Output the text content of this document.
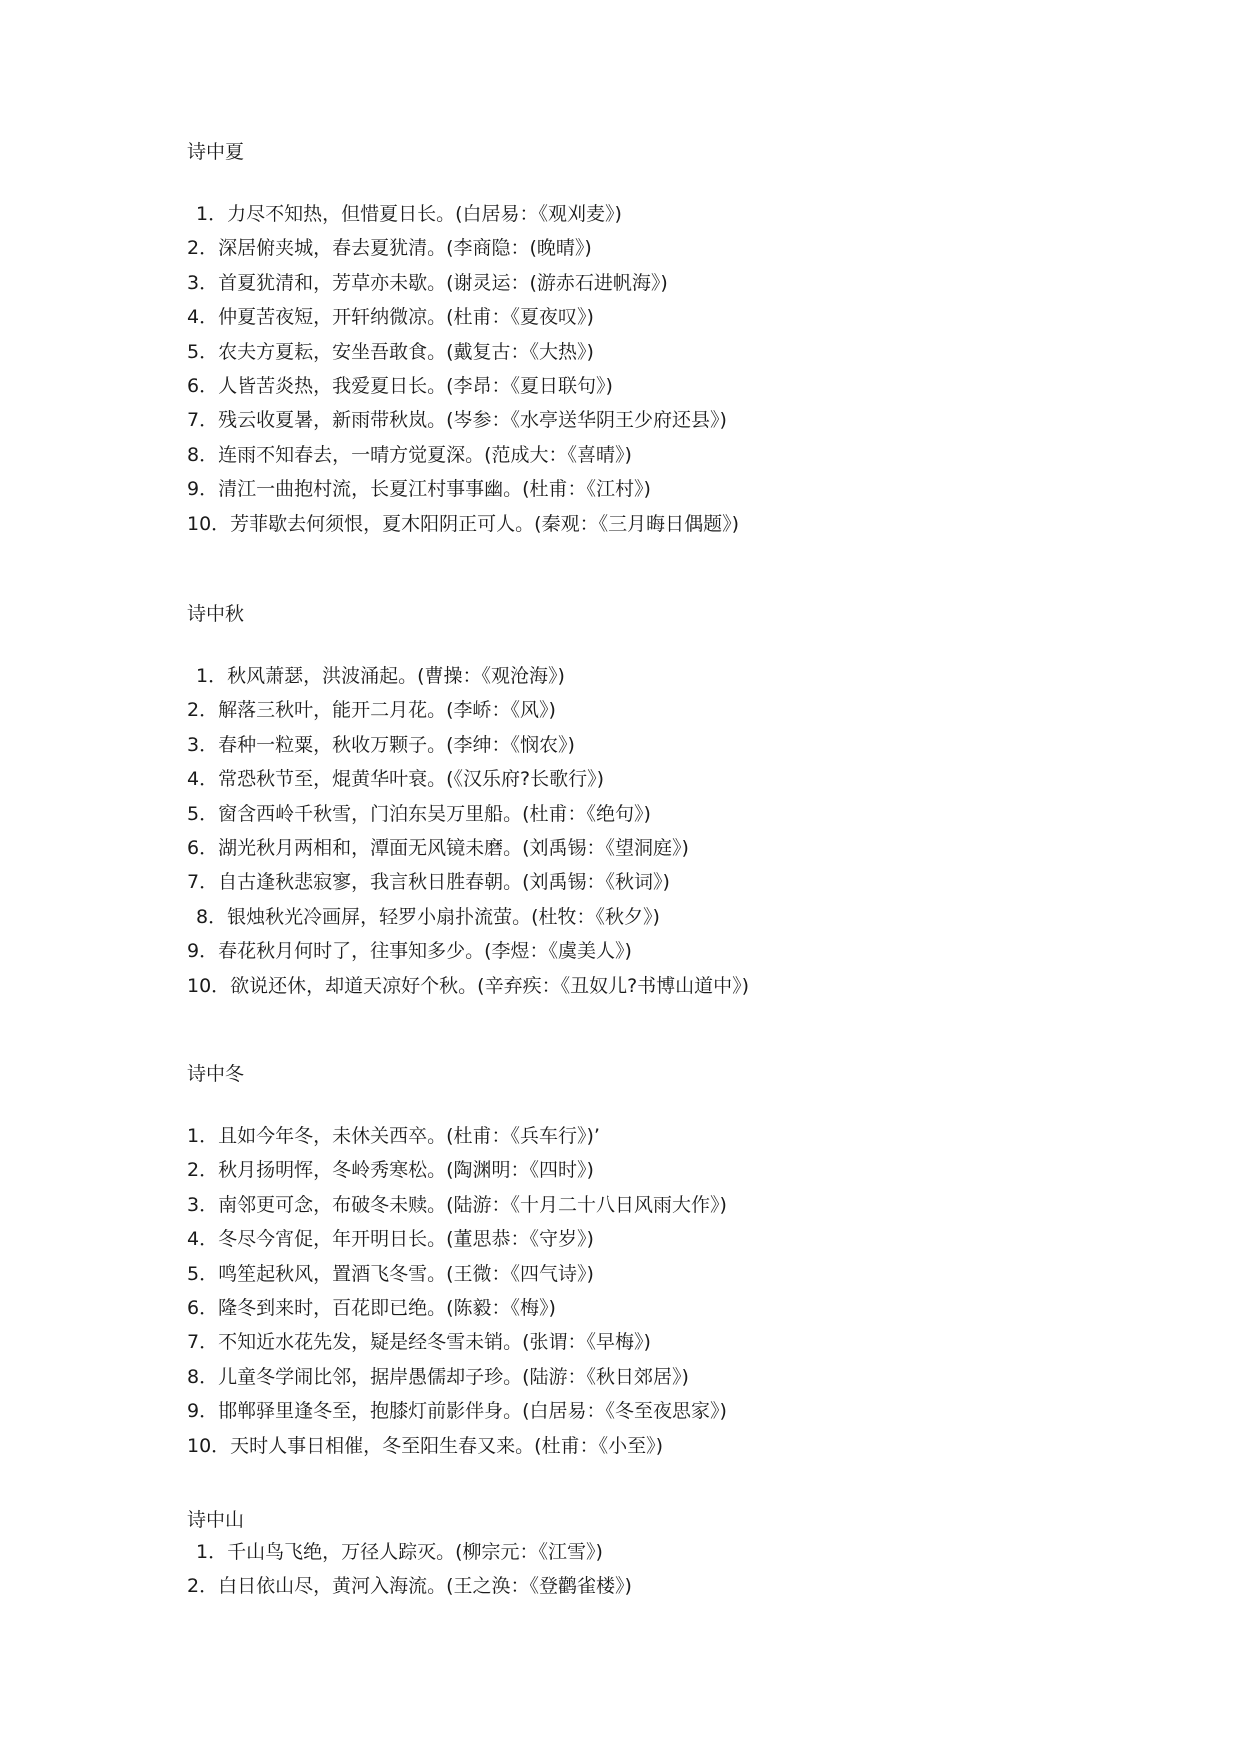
诗中夏
1．力尽不知热，但惜夏日长。(白居易：《观刈麦》)
2．深居俯夹城，春去夏犹清。(李商隐：(晚晴》)
3．首夏犹清和，芳草亦未歇。(谢灵运：(游赤石进帆海》)
4．仲夏苦夜短，开轩纳微凉。(杜甫：《夏夜叹》)
5．农夫方夏耘，安坐吾敢食。(戴复古：《大热》)
6．人皆苦炎热，我爱夏日长。(李昂：《夏日联句》)
7．残云收夏暑，新雨带秋岚。(岑参：《水亭送华阴王少府还县》)
8．连雨不知春去，一晴方觉夏深。(范成大：《喜晴》)
9．清江一曲抱村流，长夏江村事事幽。(杜甫：《江村》)
10．芳菲歇去何须恨，夏木阳阴正可人。(秦观：《三月晦日偶题》)
诗中秋
1．秋风萧瑟，洪波涌起。(曹操：《观沧海》)
2．解落三秋叶，能开二月花。(李峤：《风》)
3．春种一粒粟，秋收万颗子。(李绅：《悯农》)
4．常恐秋节至，焜黄华叶衰。(《汉乐府?长歌行》)
5．窗含西岭千秋雪，门泊东吴万里船。(杜甫：《绝句》)
6．湖光秋月两相和，潭面无风镜未磨。(刘禹锡：《望洞庭》)
7．自古逢秋悲寂寥，我言秋日胜春朝。(刘禹锡：《秋词》)
8．银烛秋光冷画屏，轻罗小扇扑流萤。(杜牧：《秋夕》)
9．春花秋月何时了，往事知多少。(李煜：《虞美人》)
10．欲说还休，却道天凉好个秋。(辛弃疾：《丑奴儿?书博山道中》)
诗中冬
1．且如今年冬，未休关西卒。(杜甫：《兵车行》)’
2．秋月扬明恽，冬岭秀寒松。(陶渊明：《四时》)
3．南邻更可念，布破冬未赎。(陆游：《十月二十八日风雨大作》)
4．冬尽今宵促，年开明日长。(董思恭：《守岁》)
5．鸣笙起秋风，置酒飞冬雪。(王微：《四气诗》)
6．隆冬到来时，百花即已绝。(陈毅：《梅》)
7．不知近水花先发，疑是经冬雪未销。(张谓：《早梅》)
8．儿童冬学闹比邻，据岸愚儒却子珍。(陆游：《秋日郊居》)
9．邯郸驿里逢冬至，抱膝灯前影伴身。(白居易：《冬至夜思家》)
10．天时人事日相催，冬至阳生春又来。(杜甫：《小至》)
诗中山
1．千山鸟飞绝，万径人踪灭。(柳宗元：《江雪》)
2．白日依山尽，黄河入海流。(王之涣：《登鹳雀楼》)
